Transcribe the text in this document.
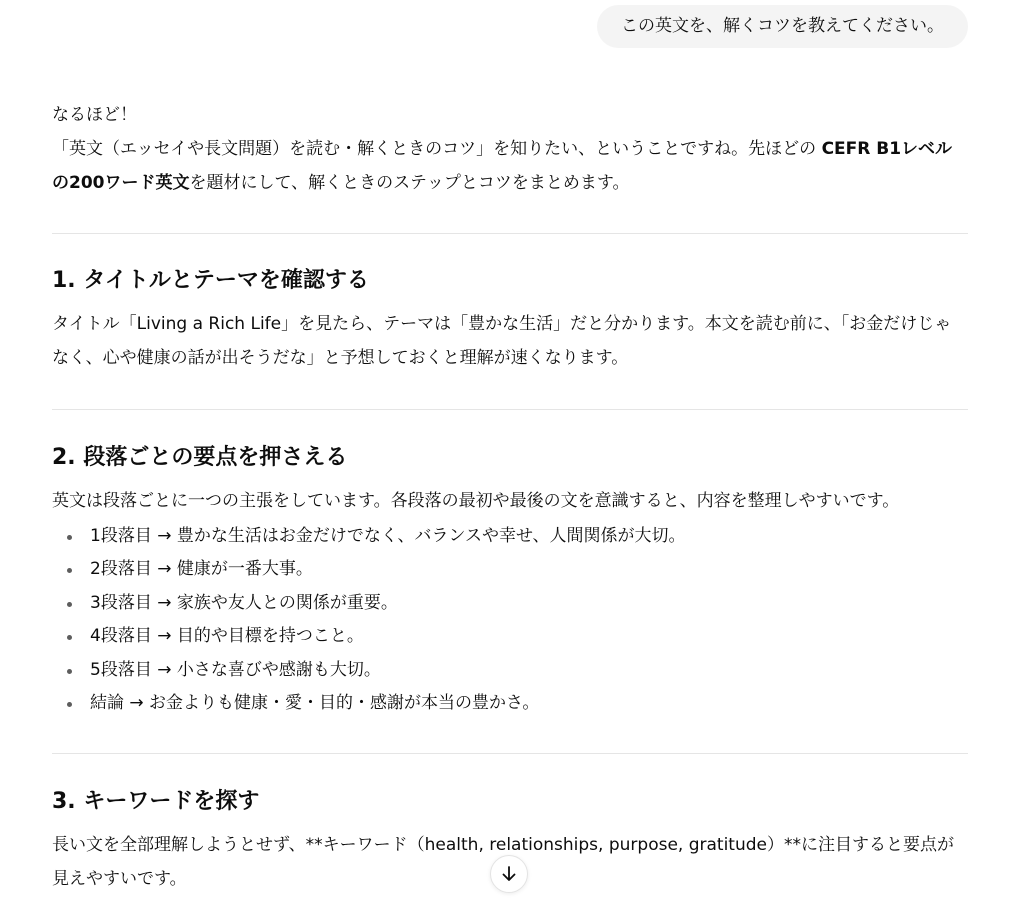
この英文を、解くコツを教えてください。

なるほど！

「英文（エッセイや長文問題）を読む・解くときのコツ」を知りたい、ということですね。先ほどの CEFR B1レベルの200ワード英文を題材にして、解くときのステップとコツをまとめます。

1. タイトルとテーマを確認する

タイトル「Living a Rich Life」を見たら、テーマは「豊かな生活」だと分かります。本文を読む前に、「お金だけじゃなく、心や健康の話が出そうだな」と予想しておくと理解が速くなります。

2. 段落ごとの要点を押さえる

英文は段落ごとに一つの主張をしています。各段落の最初や最後の文を意識すると、内容を整理しやすいです。

1段落目 → 豊かな生活はお金だけでなく、バランスや幸せ、人間関係が大切。
2段落目 → 健康が一番大事。
3段落目 → 家族や友人との関係が重要。
4段落目 → 目的や目標を持つこと。
5段落目 → 小さな喜びや感謝も大切。
結論 → お金よりも健康・愛・目的・感謝が本当の豊かさ。
3. キーワードを探す

長い文を全部理解しようとせず、**キーワード（health, relationships, purpose, gratitude）**に注目すると要点が見えやすいです。
